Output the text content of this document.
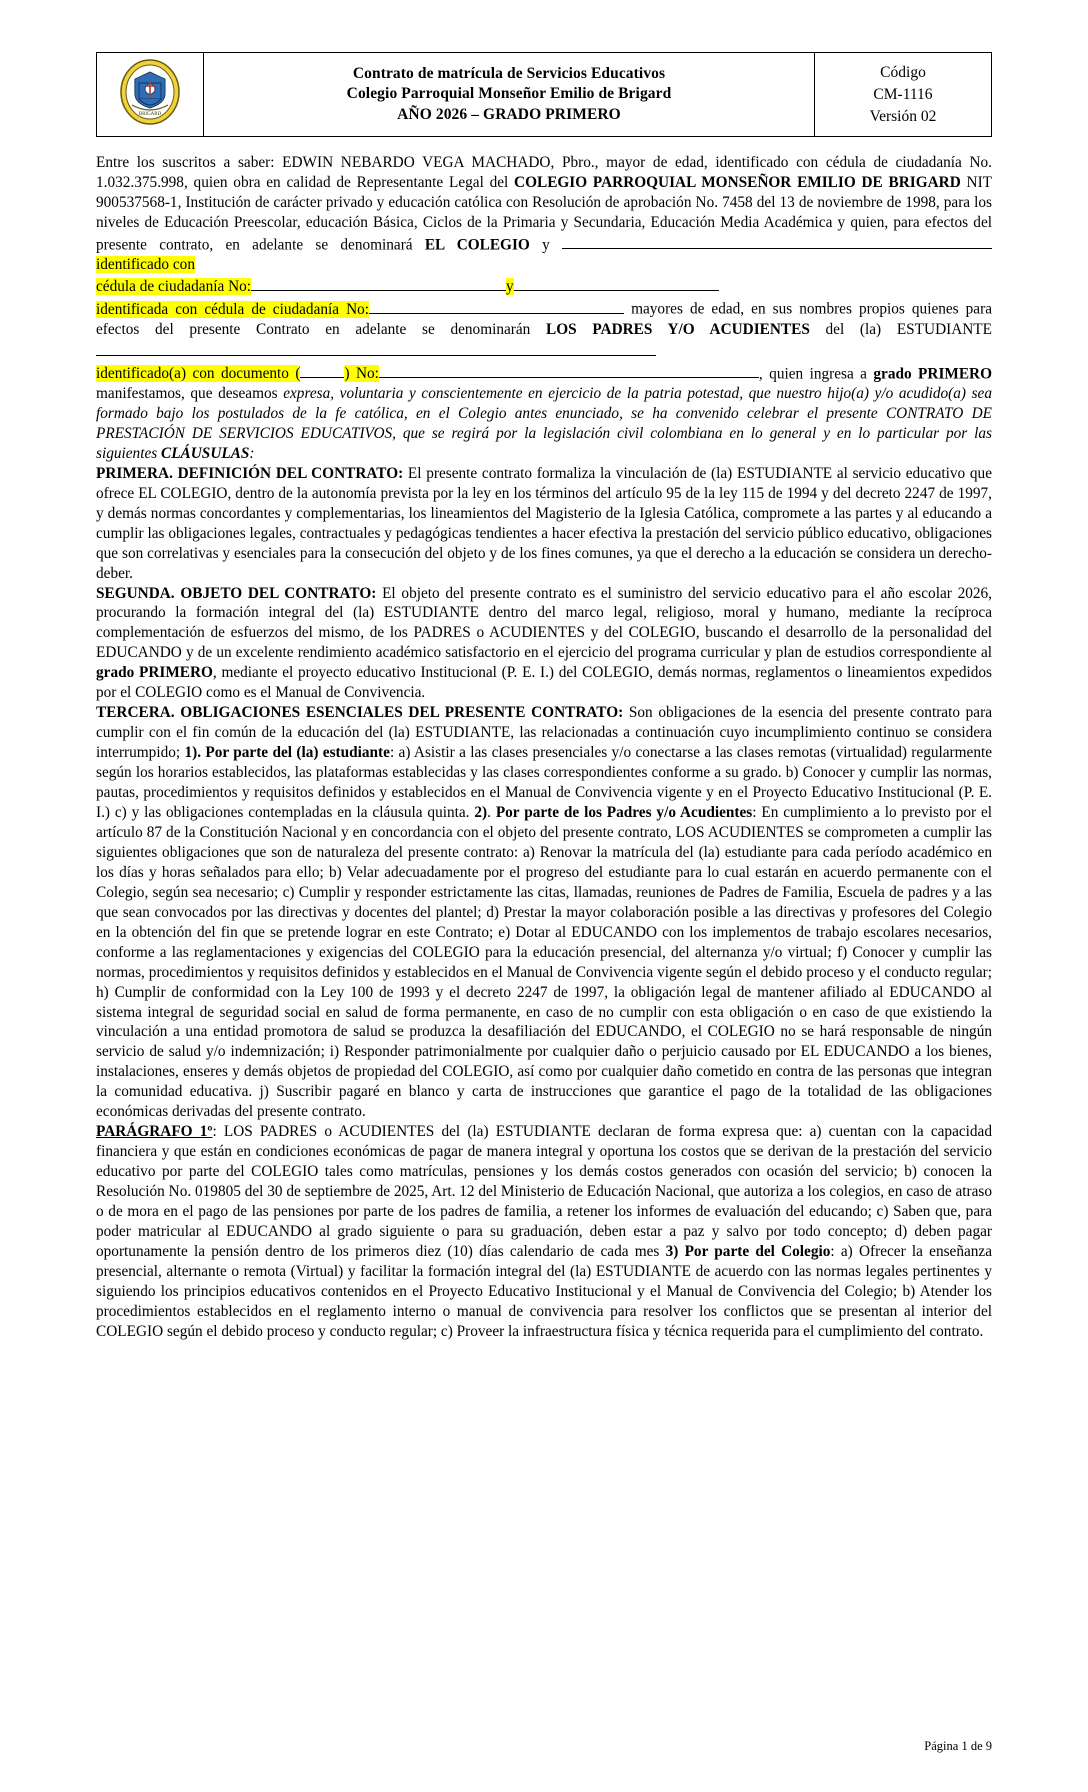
BRIGARD

Contrato de matrícula de Servicios Educativos
Colegio Parroquial Monseñor Emilio de Brigard
AÑO 2026 – GRADO PRIMERO

Código
CM-1116
Versión 02

Entre los suscritos a saber: EDWIN NEBARDO VEGA MACHADO, Pbro., mayor de edad, identificado con cédula de ciudadanía No. 1.032.375.998, quien obra en calidad de Representante Legal del COLEGIO PARROQUIAL MONSEÑOR EMILIO DE BRIGARD NIT 900537568-1, Institución de carácter privado y educación católica con Resolución de aprobación No. 7458 del 13 de noviembre de 1998, para los niveles de Educación Preescolar, educación Básica, Ciclos de la Primaria y Secundaria, Educación Media Académica y quien, para efectos del presente contrato, en adelante se denominará EL COLEGIO y  identificado con
cédula de ciudadanía No:	y
identificada con cédula de ciudadanía No:	mayores de edad, en sus nombres propios quienes para efectos del presente Contrato en adelante se denominarán LOS PADRES Y/O ACUDIENTES del (la) ESTUDIANTE
identificado(a) con documento (	) No:	, quien ingresa a grado PRIMERO manifestamos, que deseamos expresa, voluntaria y conscientemente en ejercicio de la patria potestad, que nuestro hijo(a) y/o acudido(a) sea formado bajo los postulados de la fe católica, en el Colegio antes enunciado, se ha convenido celebrar el presente CONTRATO DE PRESTACIÓN DE SERVICIOS EDUCATIVOS, que se regirá por la legislación civil colombiana en lo general y en lo particular por las siguientes CLÁUSULAS:

PRIMERA. DEFINICIÓN DEL CONTRATO: El presente contrato formaliza la vinculación de (la) ESTUDIANTE al servicio educativo que ofrece EL COLEGIO, dentro de la autonomía prevista por la ley en los términos del artículo 95 de la ley 115 de 1994 y del decreto 2247 de 1997, y demás normas concordantes y complementarias, los lineamientos del Magisterio de la Iglesia Católica, compromete a las partes y al educando a cumplir las obligaciones legales, contractuales y pedagógicas tendientes a hacer efectiva la prestación del servicio público educativo, obligaciones que son correlativas y esenciales para la consecución del objeto y de los fines comunes, ya que el derecho a la educación se considera un derecho-deber.

SEGUNDA. OBJETO DEL CONTRATO: El objeto del presente contrato es el suministro del servicio educativo para el año escolar 2026, procurando la formación integral del (la) ESTUDIANTE dentro del marco legal, religioso, moral y humano, mediante la recíproca complementación de esfuerzos del mismo, de los PADRES o ACUDIENTES y del COLEGIO, buscando el desarrollo de la personalidad del EDUCANDO y de un excelente rendimiento académico satisfactorio en el ejercicio del programa curricular y plan de estudios correspondiente al grado PRIMERO, mediante el proyecto educativo Institucional (P. E. I.) del COLEGIO, demás normas, reglamentos o lineamientos expedidos por el COLEGIO como es el Manual de Convivencia.

TERCERA. OBLIGACIONES ESENCIALES DEL PRESENTE CONTRATO: Son obligaciones de la esencia del presente contrato para cumplir con el fin común de la educación del (la) ESTUDIANTE, las relacionadas a continuación cuyo incumplimiento continuo se considera interrumpido; 1). Por parte del (la) estudiante: a) Asistir a las clases presenciales y/o conectarse a las clases remotas (virtualidad) regularmente según los horarios establecidos, las plataformas establecidas y las clases correspondientes conforme a su grado. b) Conocer y cumplir las normas, pautas, procedimientos y requisitos definidos y establecidos en el Manual de Convivencia vigente y en el Proyecto Educativo Institucional (P. E. I.) c) y las obligaciones contempladas en la cláusula quinta. 2). Por parte de los Padres y/o Acudientes: En cumplimiento a lo previsto por el artículo 87 de la Constitución Nacional y en concordancia con el objeto del presente contrato, LOS ACUDIENTES se comprometen a cumplir las siguientes obligaciones que son de naturaleza del presente contrato: a) Renovar la matrícula del (la) estudiante para cada período académico en los días y horas señalados para ello; b) Velar adecuadamente por el progreso del estudiante para lo cual estarán en acuerdo permanente con el Colegio, según sea necesario; c) Cumplir y responder estrictamente las citas, llamadas, reuniones de Padres de Familia, Escuela de padres y a las que sean convocados por las directivas y docentes del plantel; d) Prestar la mayor colaboración posible a las directivas y profesores del Colegio en la obtención del fin que se pretende lograr en este Contrato; e) Dotar al EDUCANDO con los implementos de trabajo escolares necesarios, conforme a las reglamentaciones y exigencias del COLEGIO para la educación presencial, del alternanza y/o virtual; f) Conocer y cumplir las normas, procedimientos y requisitos definidos y establecidos en el Manual de Convivencia vigente según el debido proceso y el conducto regular; h) Cumplir de conformidad con la Ley 100 de 1993 y el decreto 2247 de 1997, la obligación legal de mantener afiliado al EDUCANDO al sistema integral de seguridad social en salud de forma permanente, en caso de no cumplir con esta obligación o en caso de que existiendo la vinculación a una entidad promotora de salud se produzca la desafiliación del EDUCANDO, el COLEGIO no se hará responsable de ningún servicio de salud y/o indemnización; i) Responder patrimonialmente por cualquier daño o perjuicio causado por EL EDUCANDO a los bienes, instalaciones, enseres y demás objetos de propiedad del COLEGIO, así como por cualquier daño cometido en contra de las personas que integran la comunidad educativa. j) Suscribir pagaré en blanco y carta de instrucciones que garantice el pago de la totalidad de las obligaciones económicas derivadas del presente contrato.

PARÁGRAFO 1º: LOS PADRES o ACUDIENTES del (la) ESTUDIANTE declaran de forma expresa que: a) cuentan con la capacidad financiera y que están en condiciones económicas de pagar de manera integral y oportuna los costos que se derivan de la prestación del servicio educativo por parte del COLEGIO tales como matrículas, pensiones y los demás costos generados con ocasión del servicio; b) conocen la Resolución No. 019805 del 30 de septiembre de 2025, Art. 12 del Ministerio de Educación Nacional, que autoriza a los colegios, en caso de atraso o de mora en el pago de las pensiones por parte de los padres de familia, a retener los informes de evaluación del educando; c) Saben que, para poder matricular al EDUCANDO al grado siguiente o para su graduación, deben estar a paz y salvo por todo concepto; d) deben pagar oportunamente la pensión dentro de los primeros diez (10) días calendario de cada mes 3) Por parte del Colegio: a) Ofrecer la enseñanza presencial, alternante o remota (Virtual) y facilitar la formación integral del (la) ESTUDIANTE de acuerdo con las normas legales pertinentes y siguiendo los principios educativos contenidos en el Proyecto Educativo Institucional y el Manual de Convivencia del Colegio; b) Atender los procedimientos establecidos en el reglamento interno o manual de convivencia para resolver los conflictos que se presentan al interior del COLEGIO según el debido proceso y conducto regular; c) Proveer la infraestructura física y técnica requerida para el cumplimiento del contrato.

Página 1 de 9
